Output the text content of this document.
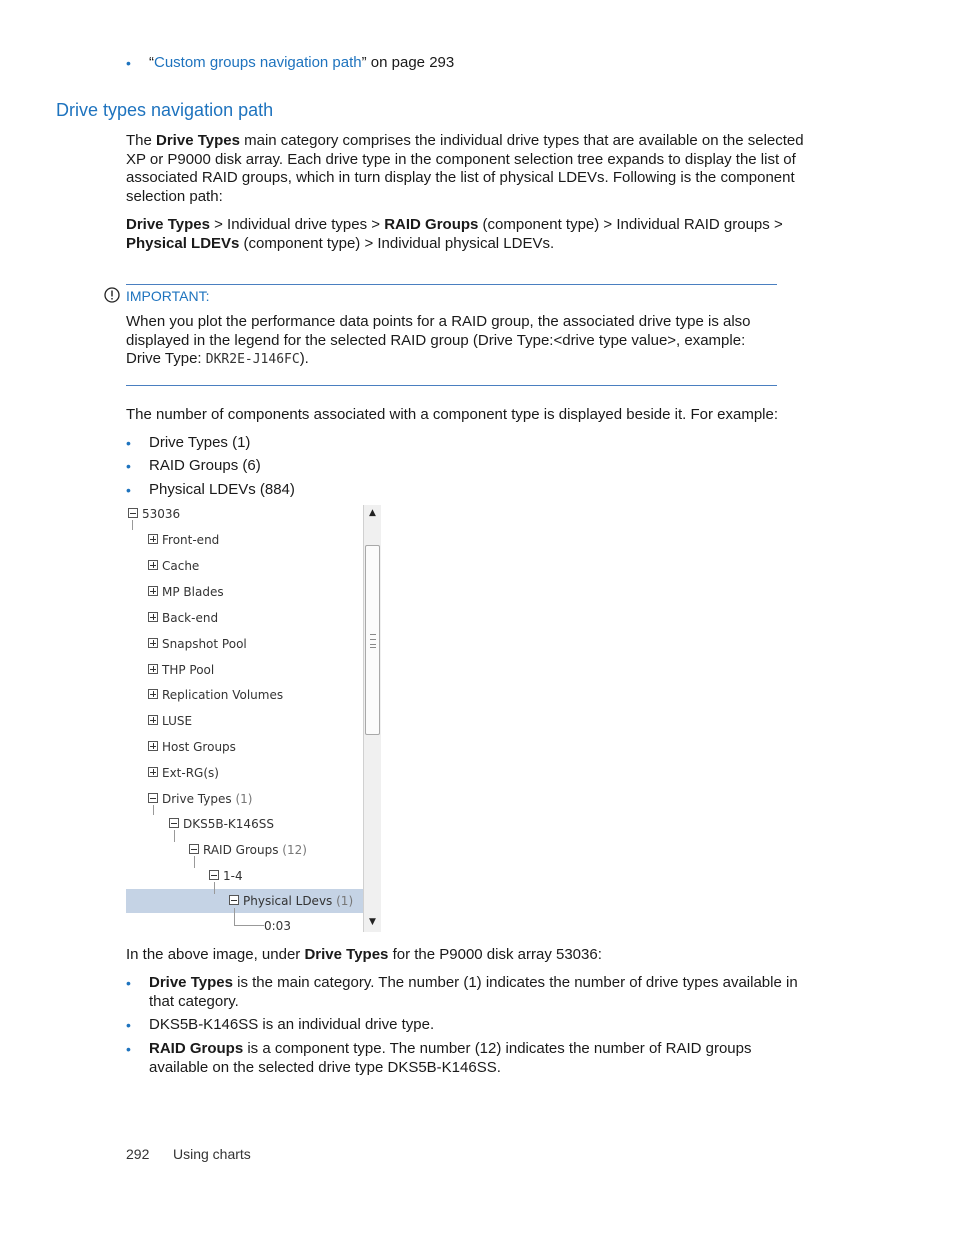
• “Custom groups navigation path” on page 293
Drive types navigation path

The Drive Types main category comprises the individual drive types that are available on the selected XP or P9000 disk array. Each drive type in the component selection tree expands to display the list of associated RAID groups, which in turn display the list of physical LDEVs. Following is the component selection path:

Drive Types > Individual drive types > RAID Groups (component type) > Individual RAID groups > Physical LDEVs (component type) > Individual physical LDEVs.

IMPORTANT:

When you plot the performance data points for a RAID group, the associated drive type is also displayed in the legend for the selected RAID group (Drive Type:<drive type value>, example: Drive Type: DKR2E-J146FC).

The number of components associated with a component type is displayed beside it. For example:

• Drive Types (1)
• RAID Groups (6)
• Physical LDEVs (884)
53036
Front-end
Cache
MP Blades
Back-end
Snapshot Pool
THP Pool
Replication Volumes
LUSE
Host Groups
Ext-RG(s)
Drive Types (1)
DKS5B-K146SS
RAID Groups (12)
1-4
Physical LDevs (1)
0:03
▲
▼

In the above image, under Drive Types for the P9000 disk array 53036:

• Drive Types is the main category. The number (1) indicates the number of drive types available in that category.
• DKS5B-K146SS is an individual drive type.
• RAID Groups is a component type. The number (12) indicates the number of RAID groups available on the selected drive type DKS5B-K146SS.
292 Using charts
